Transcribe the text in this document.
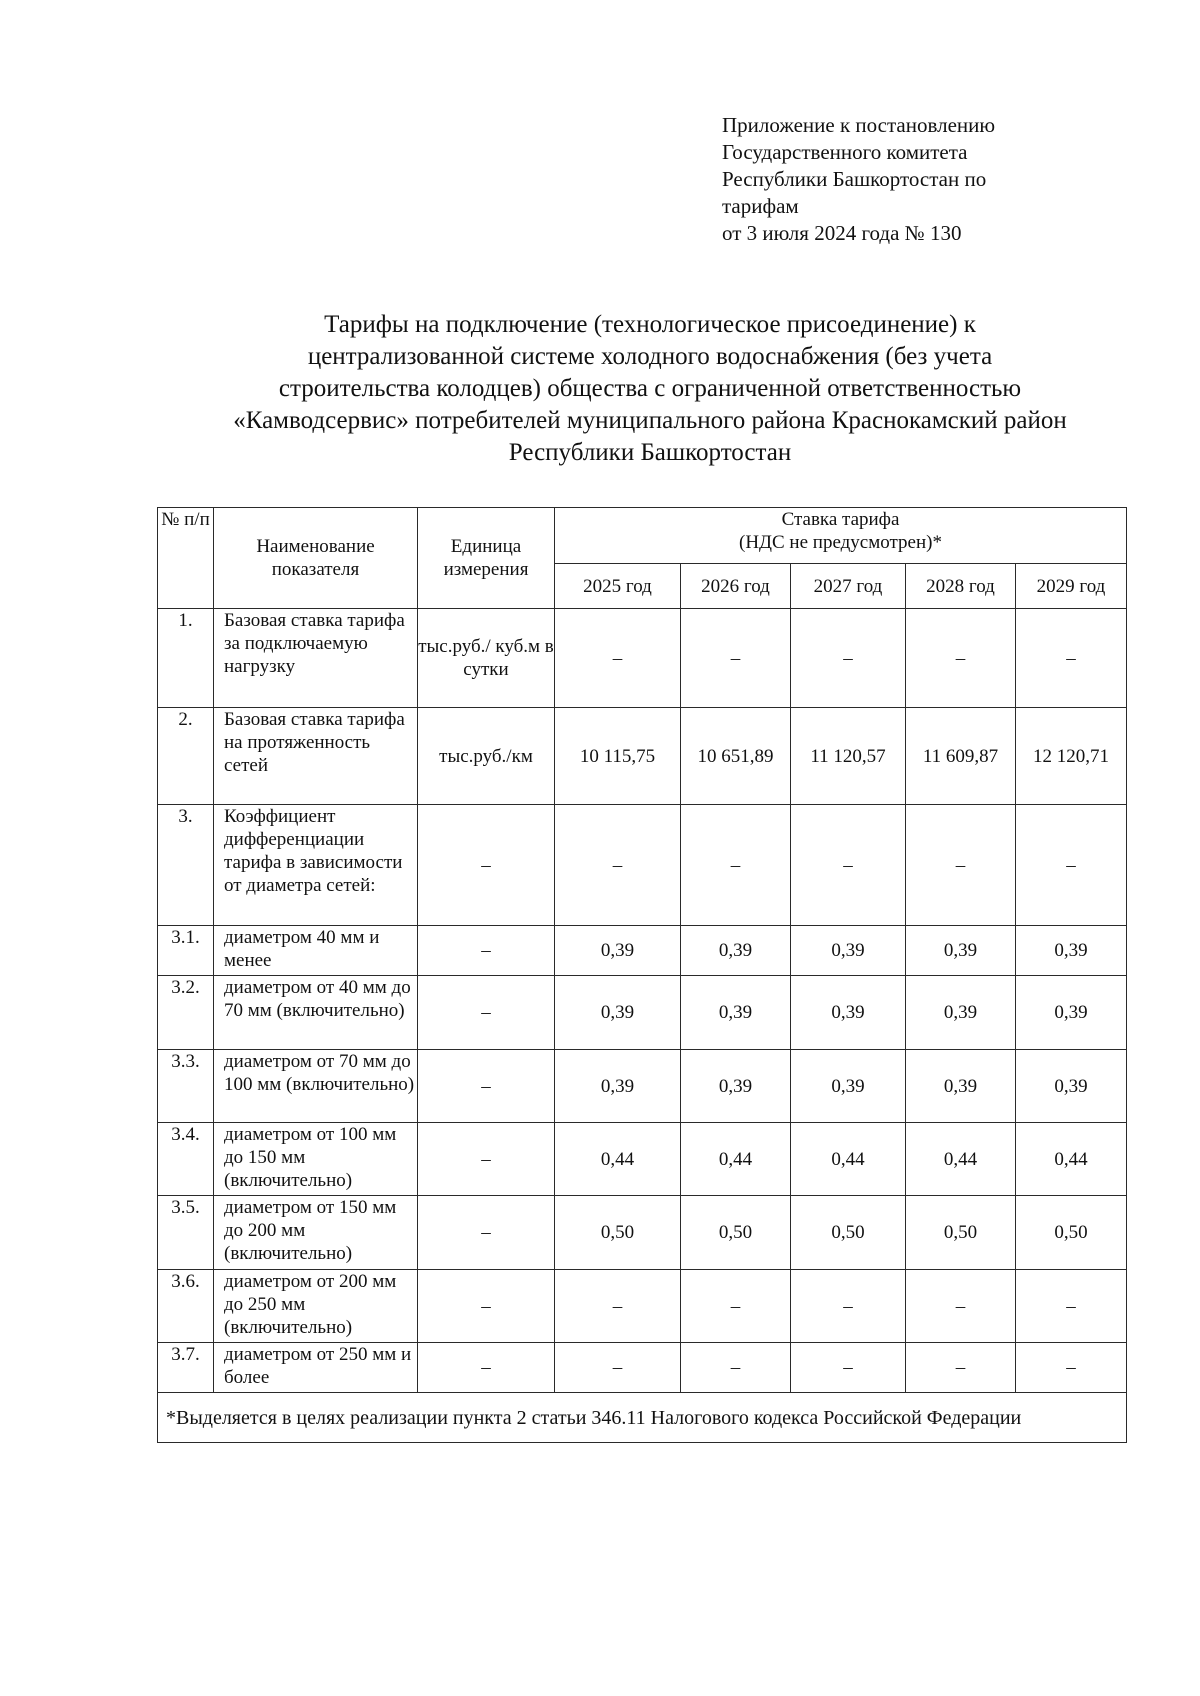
Приложение к постановлению
Государственного комитета
Республики Башкортостан по
тарифам
от 3 июля 2024 года № 130
Тарифы на подключение (технологическое присоединение) к
централизованной системе холодного водоснабжения (без учета
строительства колодцев) общества с ограниченной ответственностью
«Камводсервис» потребителей муниципального района Краснокамский район
Республики Башкортостан
№ п/п	Наименование показателя	Единица измерения	Ставка тарифа
(НДС не предусмотрен)*				

			2025 год	2026 год	2027 год	2028 год	2029 год
1.	Базовая ставка тарифа за подключаемую нагрузку	тыс.руб./ куб.м в сутки	–	–	–	–	–
2.	Базовая ставка тарифа на протяженность сетей	тыс.руб./км	10 115,75	10 651,89	11 120,57	11 609,87	12 120,71
3.	Коэффициент дифференциации тарифа в зависимости от диаметра сетей:	–	–	–	–	–	–
3.1.	диаметром 40 мм и менее	–	0,39	0,39	0,39	0,39	0,39
3.2.	диаметром от 40 мм до 70 мм (включительно)	–	0,39	0,39	0,39	0,39	0,39
3.3.	диаметром от 70 мм до 100 мм (включительно)	–	0,39	0,39	0,39	0,39	0,39
3.4.	диаметром от 100 мм до 150 мм (включительно)	–	0,44	0,44	0,44	0,44	0,44
3.5.	диаметром от 150 мм до 200 мм (включительно)	–	0,50	0,50	0,50	0,50	0,50
3.6.	диаметром от 200 мм до 250 мм (включительно)	–	–	–	–	–	–
3.7.	диаметром от 250 мм и более	–	–	–	–	–	–
*Выделяется в целях реализации пункта 2 статьи 346.11 Налогового кодекса Российской Федерации							
